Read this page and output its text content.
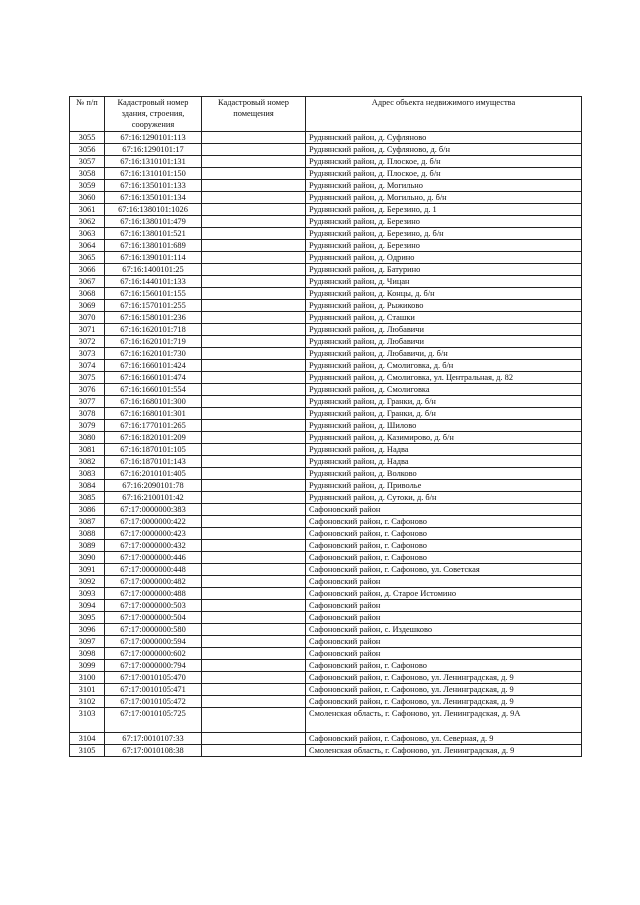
№ п/п	Кадастровый номер здания, строения, сооружения	Кадастровый номер помещения	Адрес объекта недвижимого имущества
3055	67:16:1290101:113		Руднянский район, д. Суфляново
3056	67:16:1290101:17		Руднянский район, д. Суфляново, д. б/н
3057	67:16:1310101:131		Руднянский район, д. Плоское, д. б/н
3058	67:16:1310101:150		Руднянский район, д. Плоское, д. б/н
3059	67:16:1350101:133		Руднянский район, д. Могильно
3060	67:16:1350101:134		Руднянский район, д. Могильно, д. б/н
3061	67:16:1380101:1026		Руднянский район, д. Березино, д. 1
3062	67:16:1380101:479		Руднянский район, д. Березино
3063	67:16:1380101:521		Руднянский район, д. Березино, д. б/н
3064	67:16:1380101:689		Руднянский район, д. Березино
3065	67:16:1390101:114		Руднянский район, д. Одрино
3066	67:16:1400101:25		Руднянский район, д. Батурино
3067	67:16:1440101:133		Руднянский район, д. Чицан
3068	67:16:1560101:155		Руднянский район, д. Концы, д. б/н
3069	67:16:1570101:255		Руднянский район, д. Рыжиково
3070	67:16:1580101:236		Руднянский район, д. Сташки
3071	67:16:1620101:718		Руднянский район, д. Любавичи
3072	67:16:1620101:719		Руднянский район, д. Любавичи
3073	67:16:1620101:730		Руднянский район, д. Любавичи, д. б/н
3074	67:16:1660101:424		Руднянский район, д. Смолиговка, д. б/н
3075	67:16:1660101:474		Руднянский район, д. Смолиговка, ул. Центральная, д. 82
3076	67:16:1660101:554		Руднянский район, д. Смолиговка
3077	67:16:1680101:300		Руднянский район, д. Гранки, д. б/н
3078	67:16:1680101:301		Руднянский район, д. Гранки, д. б/н
3079	67:16:1770101:265		Руднянский район, д. Шилово
3080	67:16:1820101:209		Руднянский район, д. Казимирово, д. б/н
3081	67:16:1870101:105		Руднянский район, д. Надва
3082	67:16:1870101:143		Руднянский район, д. Надва
3083	67:16:2010101:405		Руднянский район, д. Волково
3084	67:16:2090101:78		Руднянский район, д. Приволье
3085	67:16:2100101:42		Руднянский район, д. Сутоки, д. б/н
3086	67:17:0000000:383		Сафоновский район
3087	67:17:0000000:422		Сафоновский район, г. Сафоново
3088	67:17:0000000:423		Сафоновский район, г. Сафоново
3089	67:17:0000000:432		Сафоновский район, г. Сафоново
3090	67:17:0000000:446		Сафоновский район, г. Сафоново
3091	67:17:0000000:448		Сафоновский район, г. Сафоново, ул. Советская
3092	67:17:0000000:482		Сафоновский район
3093	67:17:0000000:488		Сафоновский район, д. Старое Истомино
3094	67:17:0000000:503		Сафоновский район
3095	67:17:0000000:504		Сафоновский район
3096	67:17:0000000:580		Сафоновский район, с. Издешково
3097	67:17:0000000:594		Сафоновский район
3098	67:17:0000000:602		Сафоновский район
3099	67:17:0000000:794		Сафоновский район, г. Сафоново
3100	67:17:0010105:470		Сафоновский район, г. Сафоново, ул. Ленинградская, д. 9
3101	67:17:0010105:471		Сафоновский район, г. Сафоново, ул. Ленинградская, д. 9
3102	67:17:0010105:472		Сафоновский район, г. Сафоново, ул. Ленинградская, д. 9
3103	67:17:0010105:725		Смоленская область, г. Сафоново, ул. Ленинградская, д. 9А
3104	67:17:0010107:33		Сафоновский район, г. Сафоново, ул. Северная, д. 9
3105	67:17:0010108:38		Смоленская область, г. Сафоново, ул. Ленинградская, д. 9
